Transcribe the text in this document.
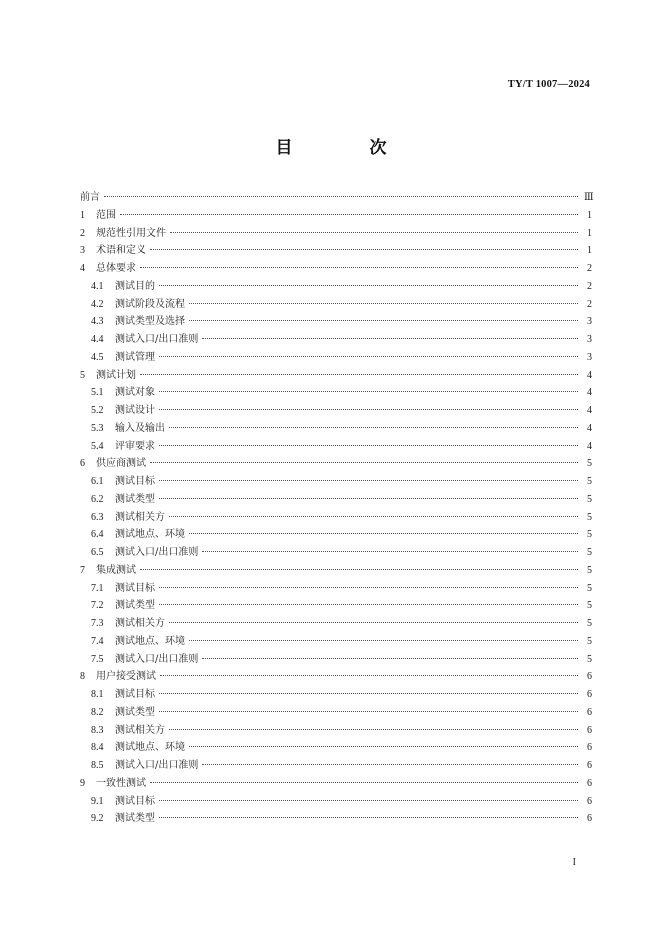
TY/T 1007—2024
目　次
前言	Ⅲ
1	范围	1
2	规范性引用文件	1
3	术语和定义	1
4	总体要求	2
4.1	测试目的	2
4.2	测试阶段及流程	2
4.3	测试类型及选择	3
4.4	测试入口/出口准则	3
4.5	测试管理	3
5	测试计划	4
5.1	测试对象	4
5.2	测试设计	4
5.3	输入及输出	4
5.4	评审要求	4
6	供应商测试	5
6.1	测试目标	5
6.2	测试类型	5
6.3	测试相关方	5
6.4	测试地点、环境	5
6.5	测试入口/出口准则	5
7	集成测试	5
7.1	测试目标	5
7.2	测试类型	5
7.3	测试相关方	5
7.4	测试地点、环境	5
7.5	测试入口/出口准则	5
8	用户接受测试	6
8.1	测试目标	6
8.2	测试类型	6
8.3	测试相关方	6
8.4	测试地点、环境	6
8.5	测试入口/出口准则	6
9	一致性测试	6
9.1	测试目标	6
9.2	测试类型	6
I
